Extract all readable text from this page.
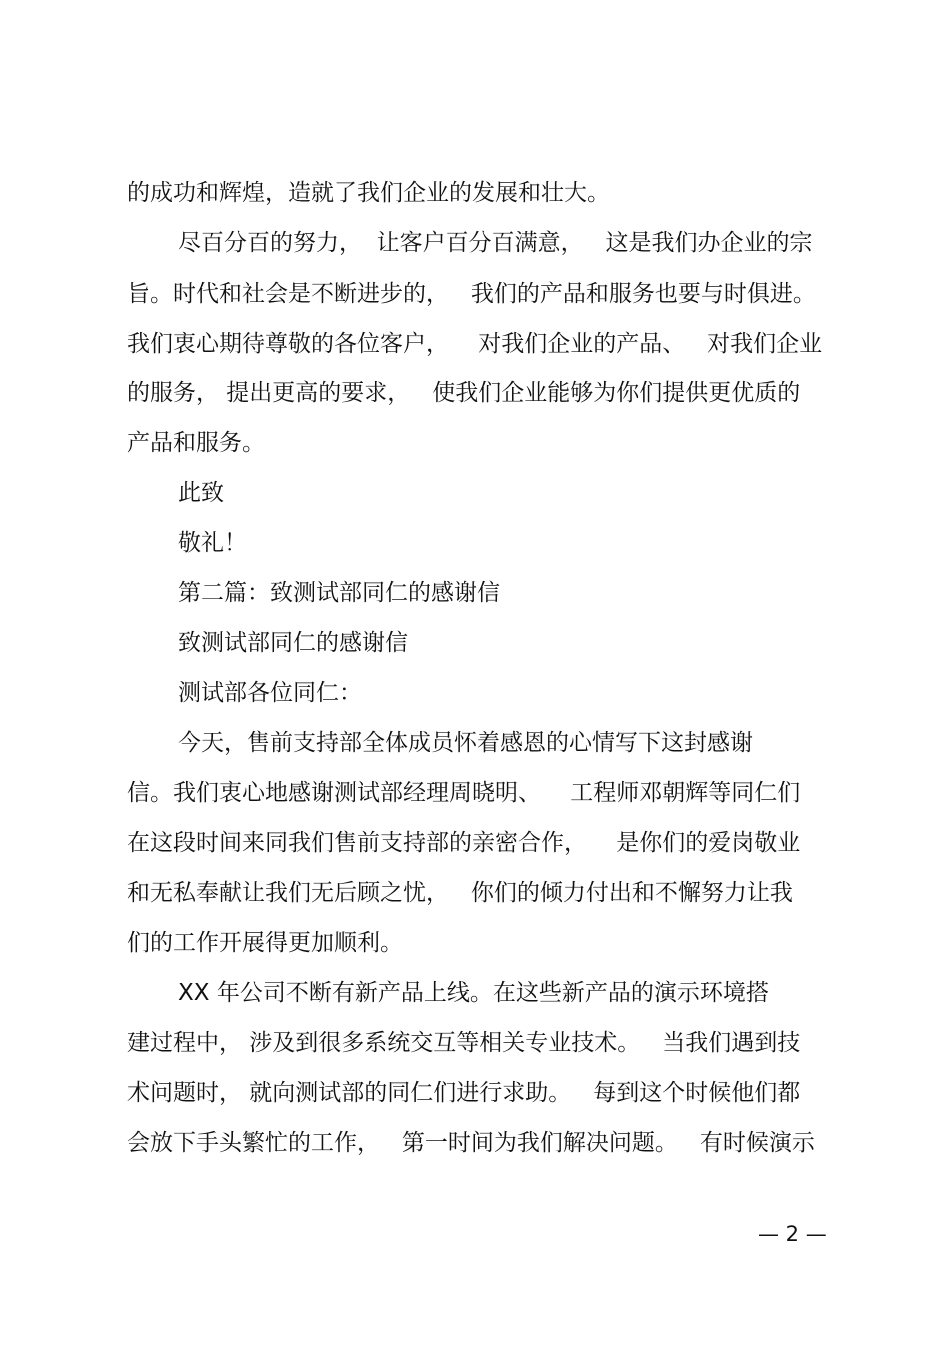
的成功和辉煌，造就了我们企业的发展和壮大。
尽百分百的努力，  让客户百分百满意，   这是我们办企业的宗
旨。时代和社会是不断进步的，   我们的产品和服务也要与时俱进。
我们衷心期待尊敬的各位客户，    对我们企业的产品、   对我们企业
的服务， 提出更高的要求，   使我们企业能够为你们提供更优质的
产品和服务。
此致
敬礼！
第二篇：致测试部同仁的感谢信
致测试部同仁的感谢信
测试部各位同仁：
今天，售前支持部全体成员怀着感恩的心情写下这封感谢
信。我们衷心地感谢测试部经理周晓明、    工程师邓朝辉等同仁们
在这段时间来同我们售前支持部的亲密合作，    是你们的爱岗敬业
和无私奉献让我们无后顾之忧，   你们的倾力付出和不懈努力让我
们的工作开展得更加顺利。
XX 年公司不断有新产品上线。在这些新产品的演示环境搭
建过程中， 涉及到很多系统交互等相关专业技术。   当我们遇到技
术问题时， 就向测试部的同仁们进行求助。   每到这个时候他们都
会放下手头繁忙的工作，   第一时间为我们解决问题。   有时候演示
— 2 —
